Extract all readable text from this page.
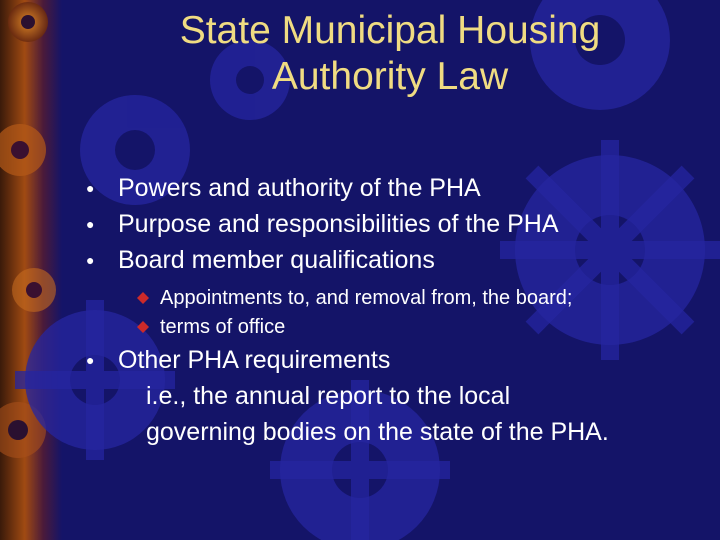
State Municipal Housing
Authority Law
● Powers and authority of the PHA
● Purpose and responsibilities of the PHA
● Board member qualifications
Appointments to, and removal from, the board;
terms of office
● Other PHA requirements
i.e., the annual report to the local
governing bodies on the state of the PHA.
